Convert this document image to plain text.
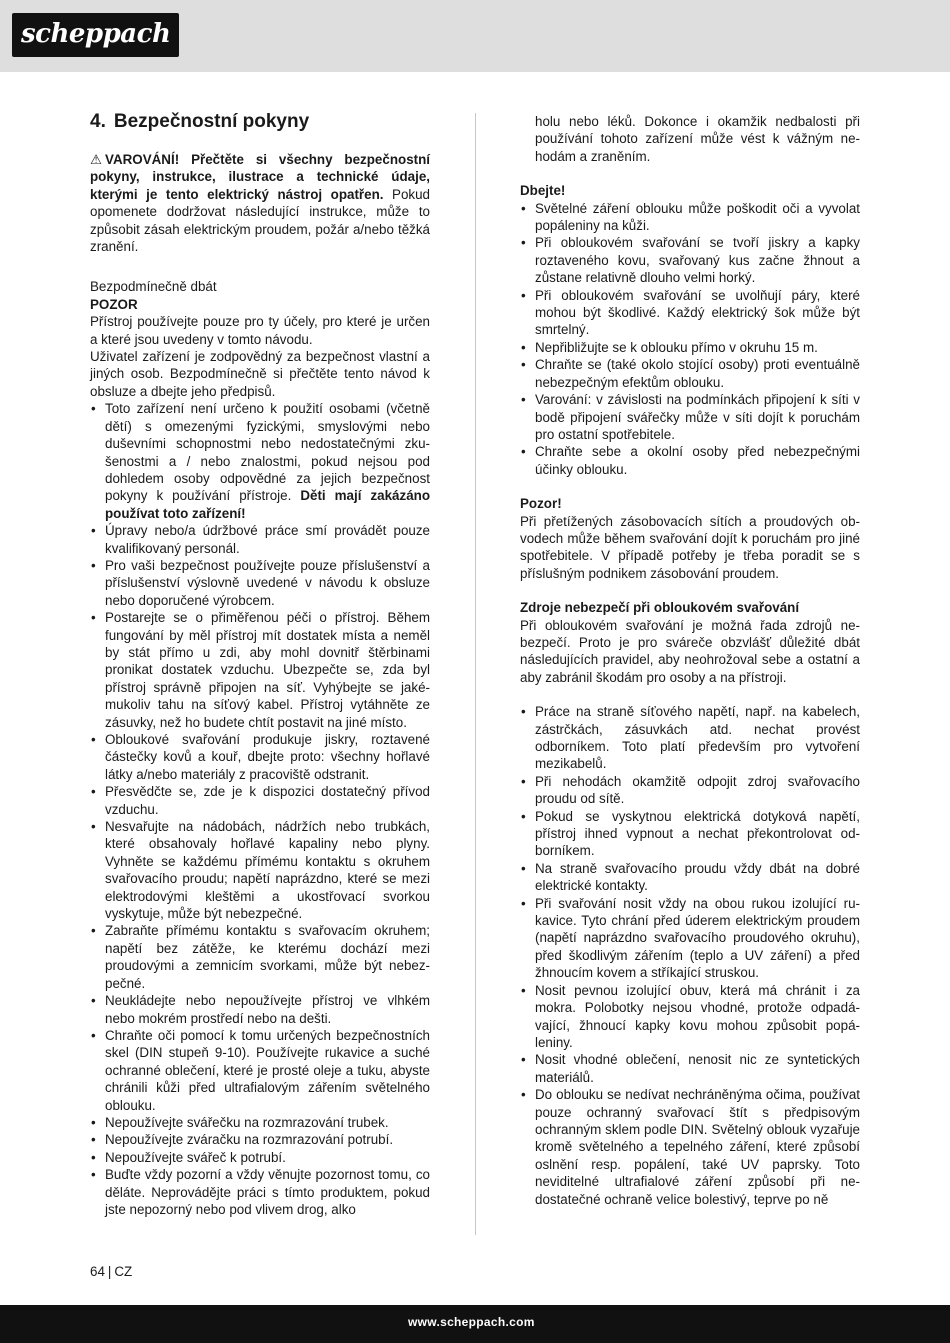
scheppach
4. Bezpečnostní pokyny

⚠ VAROVÁNÍ! Přečtěte si všechny bezpečnostní pokyny, instrukce, ilustrace a technické údaje, kterými je tento elektrický nástroj opatřen. Pokud opomenete dodržovat následující instrukce, může to způsobit zásah elektrickým proudem, požár a/nebo těžká zranění.

Bezpodmínečně dbát

POZOR

Přístroj používejte pouze pro ty účely, pro které je určen a které jsou uvedeny v tomto návodu.

Uživatel zařízení je zodpovědný za bezpečnost vlastní a jiných osob. Bezpodmínečně si přečtěte tento návod k obsluze a dbejte jeho předpisů.

• Toto zařízení není určeno k použití osobami (včetně dětí) s omezenými fyzickými, smyslovými nebo duševními schopnostmi nebo nedostatečnými zkušenostmi a / nebo znalostmi, pokud nejsou pod dohledem osoby odpovědné za jejich bezpečnost pokyny k používání přístroje. Děti mají zakázáno používat toto zařízení!
• Úpravy nebo/a údržbové práce smí provádět pouze kvalifikovaný personál.
• Pro vaši bezpečnost používejte pouze příslušenství a příslušenství výslovně uvedené v návodu k obsluze nebo doporučené výrobcem.
• Postarejte se o přiměřenou péči o přístroj. Během fungování by měl přístroj mít dostatek místa a neměl by stát přímo u zdi, aby mohl dovnitř štěrbinami pronikat dostatek vzduchu. Ubezpečte se, zda byl přístroj správně připojen na síť. Vyhýbejte se jakémukoliv tahu na síťový kabel. Přístroj vytáhněte ze zásuvky, než ho budete chtít postavit na jiné místo.
• Obloukové svařování produkuje jiskry, roztavené částečky kovů a kouř, dbejte proto: všechny hořlavé látky a/nebo materiály z pracoviště odstranit.
• Přesvědčte se, zde je k dispozici dostatečný přívod vzduchu.
• Nesvařujte na nádobách, nádržích nebo trubkách, které obsahovaly hořlavé kapaliny nebo plyny. Vyhněte se každému přímému kontaktu s okruhem svařovacího proudu; napětí naprázdno, které se mezi elektrodovými kleštěmi a ukostřovací svorkou vyskytuje, může být nebezpečné.
• Zabraňte přímému kontaktu s svařovacím okruhem; napětí bez zátěže, ke kterému dochází mezi proudovými a zemnicím svorkami, může být nebezpečné.
• Neukládejte nebo nepoužívejte přístroj ve vlhkém nebo mokrém prostředí nebo na dešti.
• Chraňte oči pomocí k tomu určených bezpečnostních skel (DIN stupeň 9-10). Používejte rukavice a suché ochranné oblečení, které je prosté oleje a tuku, abyste chránili kůži před ultrafialovým zářením světelného oblouku.
• Nepoužívejte svářečku na rozmrazování trubek.
• Nepoužívejte zváračku na rozmrazování potrubí.
• Nepoužívejte svářeč k potrubí.
• Buďte vždy pozorní a vždy věnujte pozornost tomu, co děláte. Neprovádějte práci s tímto produktem, pokud jste nepozorný nebo pod vlivem drog, alko

holu nebo léků. Dokonce i okamžik nedbalosti při používání tohoto zařízení může vést k vážným nehodám a zraněním.

Dbejte!

• Světelné záření oblouku může poškodit oči a vyvolat popáleniny na kůži.
• Při obloukovém svařování se tvoří jiskry a kapky roztaveného kovu, svařovaný kus začne žhnout a zůstane relativně dlouho velmi horký.
• Při obloukovém svařování se uvolňují páry, které mohou být škodlivé. Každý elektrický šok může být smrtelný.
• Nepřibližujte se k oblouku přímo v okruhu 15 m.
• Chraňte se (také okolo stojící osoby) proti eventuálně nebezpečným efektům oblouku.
• Varování: v závislosti na podmínkách připojení k síti v bodě připojení svářečky může v síti dojít k poruchám pro ostatní spotřebitele.
• Chraňte sebe a okolní osoby před nebezpečnými účinky oblouku.

Pozor!

Při přetížených zásobovacích sítích a proudových obvodech může během svařování dojít k poruchám pro jiné spotřebitele. V případě potřeby je třeba poradit se s příslušným podnikem zásobování proudem.

Zdroje nebezpečí při obloukovém svařování

Při obloukovém svařování je možná řada zdrojů nebezpečí. Proto je pro sváreče obzvlášť důležité dbát následujících pravidel, aby neohrožoval sebe a ostatní a aby zabránil škodám pro osoby a na přístroji.

• Práce na straně síťového napětí, např. na kabelech, zástrčkách, zásuvkách atd. nechat provést odborníkem. Toto platí především pro vytvoření mezikabelů.
• Při nehodách okamžitě odpojit zdroj svařovacího proudu od sítě.
• Pokud se vyskytnou elektrická dotyková napětí, přístroj ihned vypnout a nechat překontrolovat odborníkem.
• Na straně svařovacího proudu vždy dbát na dobré elektrické kontakty.
• Při svařování nosit vždy na obou rukou izolující rukavice. Tyto chrání před úderem elektrickým proudem (napětí naprázdno svařovacího proudového okruhu), před škodlivým zářením (teplo a UV záření) a před žhnoucím kovem a stříkající struskou.
• Nosit pevnou izolující obuv, která má chránit i za mokra. Polobotky nejsou vhodné, protože odpadávající, žhnoucí kapky kovu mohou způsobit popáleniny.
• Nosit vhodné oblečení, nenosit nic ze syntetických materiálů.
• Do oblouku se nedívat nechráněnýma očima, používat pouze ochranný svařovací štít s předpisovým ochranným sklem podle DIN. Světelný oblouk vyzařuje kromě světelného a tepelného záření, které způsobí oslnění resp. popálení, také UV paprsky. Toto neviditelné ultrafialové záření způsobí při nedostatečné ochraně velice bolestivý, teprve po ně
64 | CZ
www.scheppach.com
